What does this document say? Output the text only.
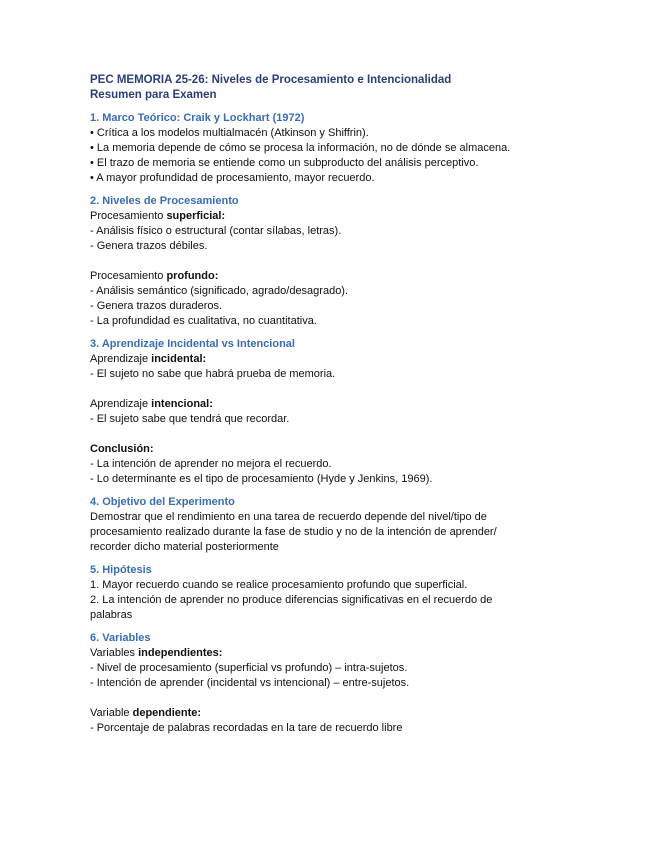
PEC MEMORIA 25-26: Niveles de Procesamiento e Intencionalidad
Resumen para Examen
1. Marco Teórico: Craik y Lockhart (1972)
• Crítica a los modelos multialmacén (Atkinson y Shiffrin).
• La memoria depende de cómo se procesa la información, no de dónde se almacena.
• El trazo de memoria se entiende como un subproducto del análisis perceptivo.
• A mayor profundidad de procesamiento, mayor recuerdo.
2. Niveles de Procesamiento
Procesamiento superficial:
- Análisis físico o estructural (contar sílabas, letras).
- Genera trazos débiles.
Procesamiento profundo:
- Análisis semántico (significado, agrado/desagrado).
- Genera trazos duraderos.
- La profundidad es cualitativa, no cuantitativa.
3. Aprendizaje Incidental vs Intencional
Aprendizaje incidental:
- El sujeto no sabe que habrá prueba de memoria.
Aprendizaje intencional:
- El sujeto sabe que tendrá que recordar.
Conclusión:
- La intención de aprender no mejora el recuerdo.
- Lo determinante es el tipo de procesamiento (Hyde y Jenkins, 1969).
4. Objetivo del Experimento
Demostrar que el rendimiento en una tarea de recuerdo depende del nivel/tipo de procesamiento realizado durante la fase de studio y no de la intención de aprender/ recorder dicho material posteriormente
5. Hipótesis
1. Mayor recuerdo cuando se realice procesamiento profundo que superficial.
2. La intención de aprender no produce diferencias significativas en el recuerdo de palabras
6. Variables
Variables independientes:
- Nivel de procesamiento (superficial vs profundo) – intra-sujetos.
- Intención de aprender (incidental vs intencional) – entre-sujetos.
Variable dependiente:
- Porcentaje de palabras recordadas en la tare de recuerdo libre
